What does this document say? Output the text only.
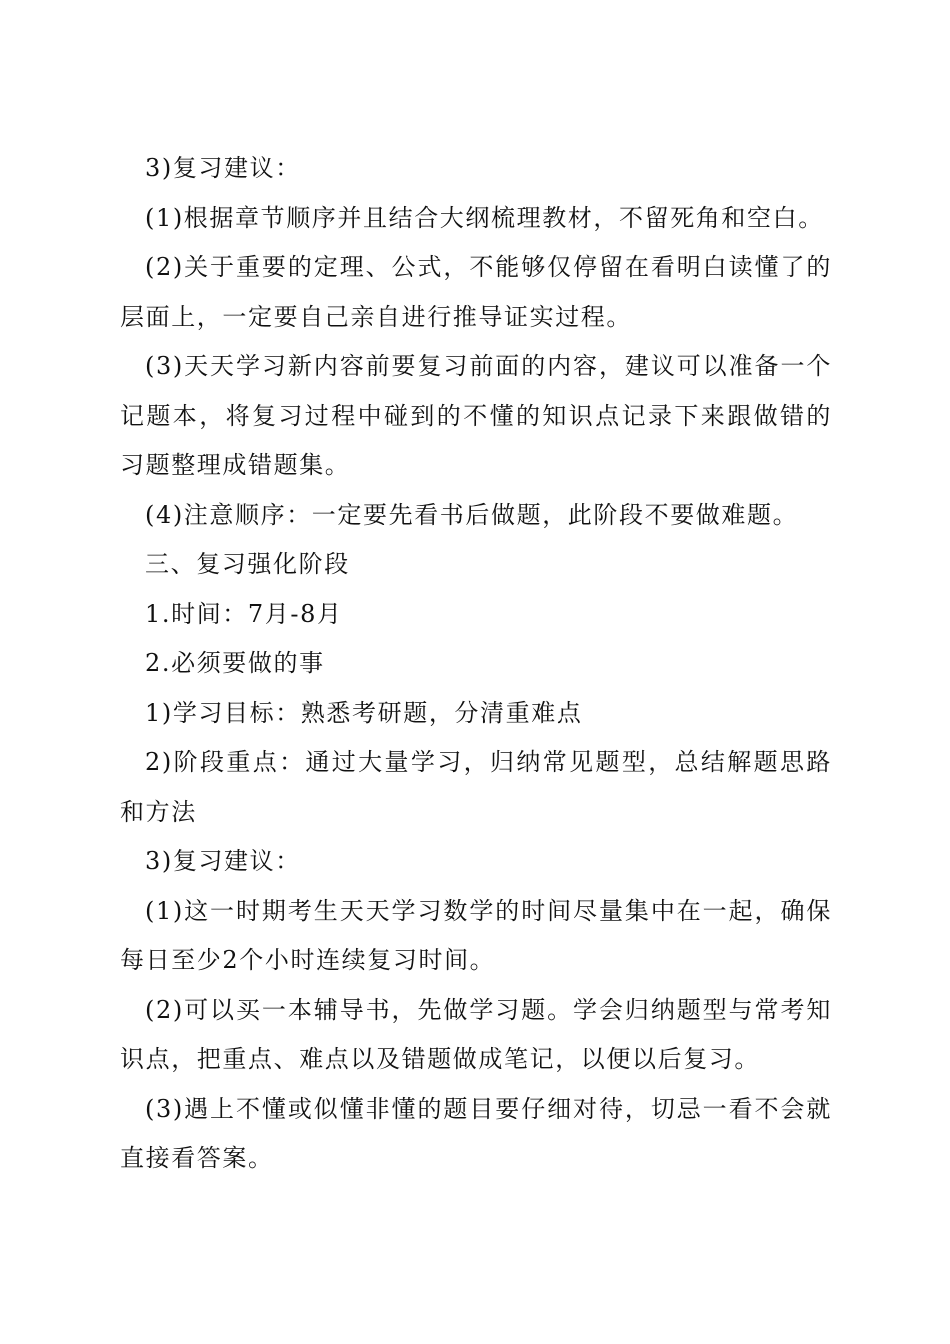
3)复习建议：

(1)根据章节顺序并且结合大纲梳理教材，不留死角和空白。

(2)关于重要的定理、公式，不能够仅停留在看明白读懂了的层面上，一定要自己亲自进行推导证实过程。

(3)天天学习新内容前要复习前面的内容，建议可以准备一个记题本，将复习过程中碰到的不懂的知识点记录下来跟做错的习题整理成错题集。

(4)注意顺序：一定要先看书后做题，此阶段不要做难题。

三、复习强化阶段

1.时间：7月-8月

2.必须要做的事

1)学习目标：熟悉考研题，分清重难点

2)阶段重点：通过大量学习，归纳常见题型，总结解题思路和方法

3)复习建议：

(1)这一时期考生天天学习数学的时间尽量集中在一起，确保每日至少2个小时连续复习时间。

(2)可以买一本辅导书，先做学习题。学会归纳题型与常考知识点，把重点、难点以及错题做成笔记，以便以后复习。

(3)遇上不懂或似懂非懂的题目要仔细对待，切忌一看不会就直接看答案。
